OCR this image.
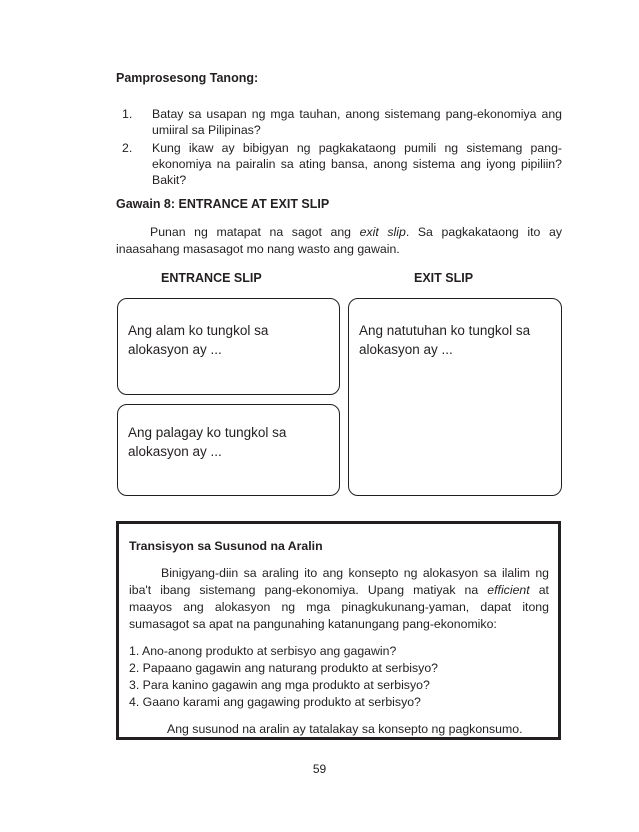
Pamprosesong Tanong:
1.	Batay sa usapan ng mga tauhan, anong sistemang pang-ekonomiya ang umiiral sa Pilipinas?
2.	Kung ikaw ay bibigyan ng pagkakataong pumili ng sistemang pang-ekonomiya na pairalin sa ating bansa, anong sistema ang iyong pipiliin? Bakit?
Gawain 8: ENTRANCE AT EXIT SLIP
Punan ng matapat na sagot ang exit slip. Sa pagkakataong ito ay inaasahang masasagot mo nang wasto ang gawain.
ENTRANCE SLIP	EXIT SLIP
Ang alam ko tungkol sa alokasyon ay ...
Ang palagay ko tungkol sa alokasyon ay ...
Ang natutuhan ko tungkol sa alokasyon ay ...
Transisyon sa Susunod na Aralin
Binigyang-diin sa araling ito ang konsepto ng alokasyon sa ilalim ng iba't ibang sistemang pang-ekonomiya. Upang matiyak na efficient at maayos ang alokasyon ng mga pinagkukunang-yaman, dapat itong sumasagot sa apat na pangunahing katanungang pang-ekonomiko:

1. Ano-anong produkto at serbisyo ang gagawin?

2. Papaano gagawin ang naturang produkto at serbisyo?

3. Para kanino gagawin ang mga produkto at serbisyo?

4. Gaano karami ang gagawing produkto at serbisyo?

Ang susunod na aralin ay tatalakay sa konsepto ng pagkonsumo.
59
